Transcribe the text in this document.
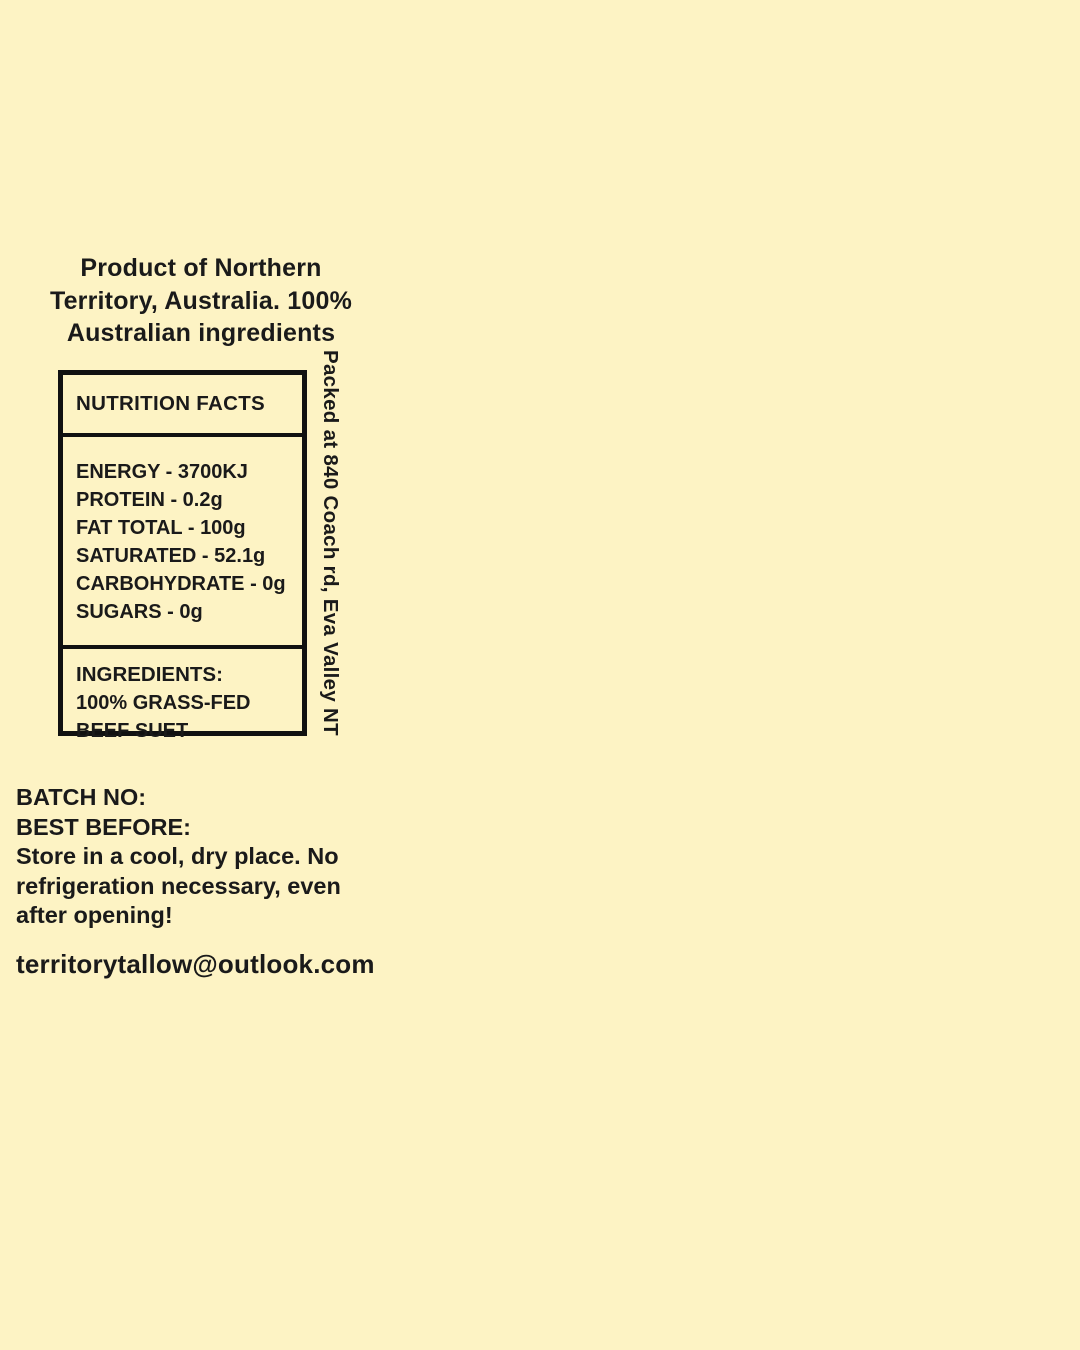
Product of Northern
Territory, Australia. 100%
Australian ingredients
NUTRITION FACTS
ENERGY - 3700KJ
PROTEIN - 0.2g
FAT TOTAL - 100g
SATURATED - 52.1g
CARBOHYDRATE - 0g
SUGARS - 0g
INGREDIENTS:
100% GRASS-FED
BEEF SUET	Packed at 840 Coach rd, Eva Valley NT
BATCH NO:
BEST BEFORE:
Store in a cool, dry place. No
refrigeration necessary, even
after opening!
territorytallow@outlook.com
